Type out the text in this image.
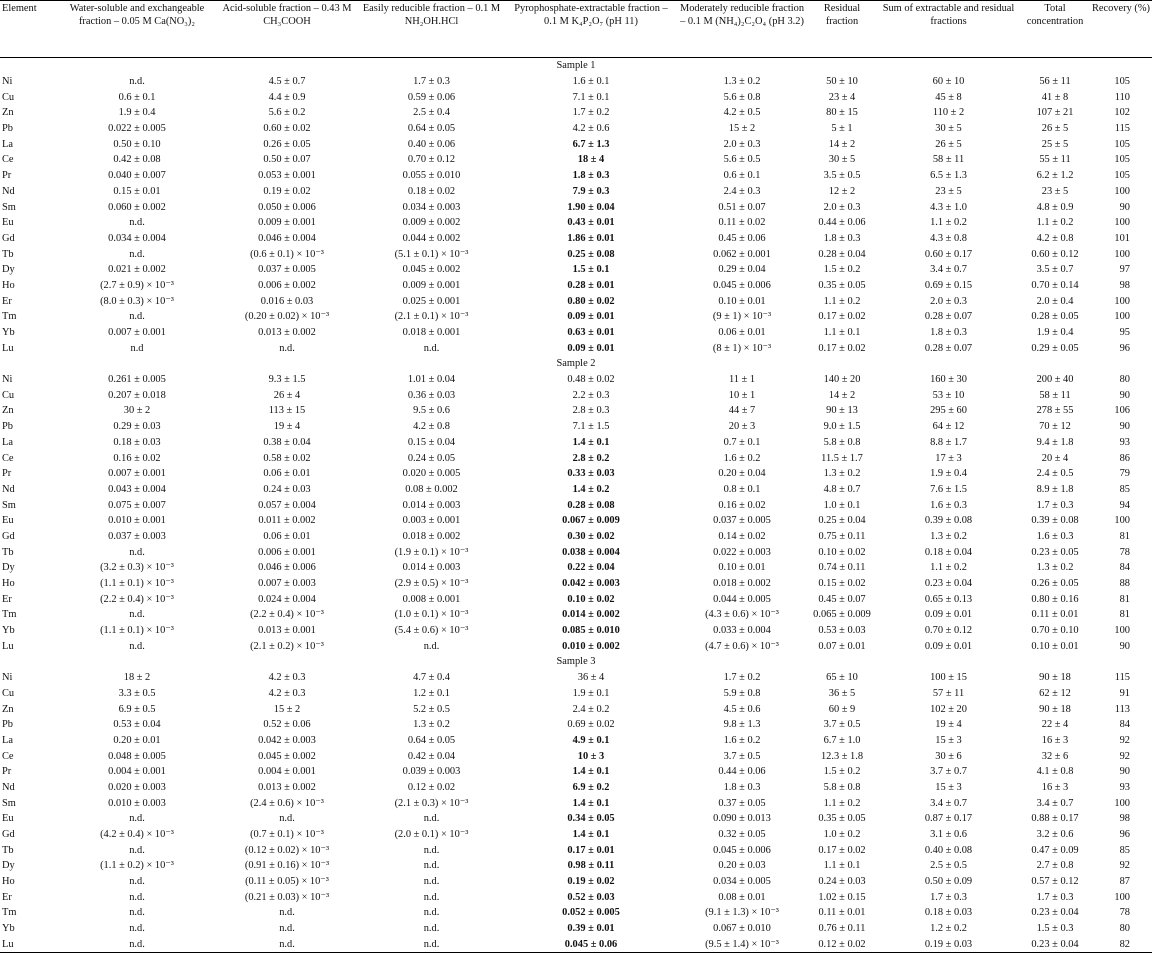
Element	Water-soluble and exchangeable fraction – 0.05 M Ca(NO₃)₂	Acid-soluble fraction – 0.43 M CH₃COOH	Easily reducible fraction – 0.1 M NH₂OH.HCl	Pyrophosphate-extractable fraction – 0.1 M K₄P₂O₇ (pH 11)	Moderately reducible fraction – 0.1 M (NH₄)₂C₂O₄ (pH 3.2)	Residual fraction	Sum of extractable and residual fractions	Total concentration	Recovery (%)
Sample 1									
Ni	n.d.	4.5 ± 0.7	1.7 ± 0.3	1.6 ± 0.1	1.3 ± 0.2	50 ± 10	60 ± 10	56 ± 11	105
Cu	0.6 ± 0.1	4.4 ± 0.9	0.59 ± 0.06	7.1 ± 0.1	5.6 ± 0.8	23 ± 4	45 ± 8	41 ± 8	110
Zn	1.9 ± 0.4	5.6 ± 0.2	2.5 ± 0.4	1.7 ± 0.2	4.2 ± 0.5	80 ± 15	110 ± 2	107 ± 21	102
Pb	0.022 ± 0.005	0.60 ± 0.02	0.64 ± 0.05	4.2 ± 0.6	15 ± 2	5 ± 1	30 ± 5	26 ± 5	115
La	0.50 ± 0.10	0.26 ± 0.05	0.40 ± 0.06	6.7 ± 1.3	2.0 ± 0.3	14 ± 2	26 ± 5	25 ± 5	105
Ce	0.42 ± 0.08	0.50 ± 0.07	0.70 ± 0.12	18 ± 4	5.6 ± 0.5	30 ± 5	58 ± 11	55 ± 11	105
Pr	0.040 ± 0.007	0.053 ± 0.001	0.055 ± 0.010	1.8 ± 0.3	0.6 ± 0.1	3.5 ± 0.5	6.5 ± 1.3	6.2 ± 1.2	105
Nd	0.15 ± 0.01	0.19 ± 0.02	0.18 ± 0.02	7.9 ± 0.3	2.4 ± 0.3	12 ± 2	23 ± 5	23 ± 5	100
Sm	0.060 ± 0.002	0.050 ± 0.006	0.034 ± 0.003	1.90 ± 0.04	0.51 ± 0.07	2.0 ± 0.3	4.3 ± 1.0	4.8 ± 0.9	90
Eu	n.d.	0.009 ± 0.001	0.009 ± 0.002	0.43 ± 0.01	0.11 ± 0.02	0.44 ± 0.06	1.1 ± 0.2	1.1 ± 0.2	100
Gd	0.034 ± 0.004	0.046 ± 0.004	0.044 ± 0.002	1.86 ± 0.01	0.45 ± 0.06	1.8 ± 0.3	4.3 ± 0.8	4.2 ± 0.8	101
Tb	n.d.	(0.6 ± 0.1) × 10⁻³	(5.1 ± 0.1) × 10⁻³	0.25 ± 0.08	0.062 ± 0.001	0.28 ± 0.04	0.60 ± 0.17	0.60 ± 0.12	100
Dy	0.021 ± 0.002	0.037 ± 0.005	0.045 ± 0.002	1.5 ± 0.1	0.29 ± 0.04	1.5 ± 0.2	3.4 ± 0.7	3.5 ± 0.7	97
Ho	(2.7 ± 0.9) × 10⁻³	0.006 ± 0.002	0.009 ± 0.001	0.28 ± 0.01	0.045 ± 0.006	0.35 ± 0.05	0.69 ± 0.15	0.70 ± 0.14	98
Er	(8.0 ± 0.3) × 10⁻³	0.016 ± 0.03	0.025 ± 0.001	0.80 ± 0.02	0.10 ± 0.01	1.1 ± 0.2	2.0 ± 0.3	2.0 ± 0.4	100
Tm	n.d.	(0.20 ± 0.02) × 10⁻³	(2.1 ± 0.1) × 10⁻³	0.09 ± 0.01	(9 ± 1) × 10⁻³	0.17 ± 0.02	0.28 ± 0.07	0.28 ± 0.05	100
Yb	0.007 ± 0.001	0.013 ± 0.002	0.018 ± 0.001	0.63 ± 0.01	0.06 ± 0.01	1.1 ± 0.1	1.8 ± 0.3	1.9 ± 0.4	95
Lu	n.d	n.d.	n.d.	0.09 ± 0.01	(8 ± 1) × 10⁻³	0.17 ± 0.02	0.28 ± 0.07	0.29 ± 0.05	96
Sample 2									
Ni	0.261 ± 0.005	9.3 ± 1.5	1.01 ± 0.04	0.48 ± 0.02	11 ± 1	140 ± 20	160 ± 30	200 ± 40	80
Cu	0.207 ± 0.018	26 ± 4	0.36 ± 0.03	2.2 ± 0.3	10 ± 1	14 ± 2	53 ± 10	58 ± 11	90
Zn	30 ± 2	113 ± 15	9.5 ± 0.6	2.8 ± 0.3	44 ± 7	90 ± 13	295 ± 60	278 ± 55	106
Pb	0.29 ± 0.03	19 ± 4	4.2 ± 0.8	7.1 ± 1.5	20 ± 3	9.0 ± 1.5	64 ± 12	70 ± 12	90
La	0.18 ± 0.03	0.38 ± 0.04	0.15 ± 0.04	1.4 ± 0.1	0.7 ± 0.1	5.8 ± 0.8	8.8 ± 1.7	9.4 ± 1.8	93
Ce	0.16 ± 0.02	0.58 ± 0.02	0.24 ± 0.05	2.8 ± 0.2	1.6 ± 0.2	11.5 ± 1.7	17 ± 3	20 ± 4	86
Pr	0.007 ± 0.001	0.06 ± 0.01	0.020 ± 0.005	0.33 ± 0.03	0.20 ± 0.04	1.3 ± 0.2	1.9 ± 0.4	2.4 ± 0.5	79
Nd	0.043 ± 0.004	0.24 ± 0.03	0.08 ± 0.002	1.4 ± 0.2	0.8 ± 0.1	4.8 ± 0.7	7.6 ± 1.5	8.9 ± 1.8	85
Sm	0.075 ± 0.007	0.057 ± 0.004	0.014 ± 0.003	0.28 ± 0.08	0.16 ± 0.02	1.0 ± 0.1	1.6 ± 0.3	1.7 ± 0.3	94
Eu	0.010 ± 0.001	0.011 ± 0.002	0.003 ± 0.001	0.067 ± 0.009	0.037 ± 0.005	0.25 ± 0.04	0.39 ± 0.08	0.39 ± 0.08	100
Gd	0.037 ± 0.003	0.06 ± 0.01	0.018 ± 0.002	0.30 ± 0.02	0.14 ± 0.02	0.75 ± 0.11	1.3 ± 0.2	1.6 ± 0.3	81
Tb	n.d.	0.006 ± 0.001	(1.9 ± 0.1) × 10⁻³	0.038 ± 0.004	0.022 ± 0.003	0.10 ± 0.02	0.18 ± 0.04	0.23 ± 0.05	78
Dy	(3.2 ± 0.3) × 10⁻³	0.046 ± 0.006	0.014 ± 0.003	0.22 ± 0.04	0.10 ± 0.01	0.74 ± 0.11	1.1 ± 0.2	1.3 ± 0.2	84
Ho	(1.1 ± 0.1) × 10⁻³	0.007 ± 0.003	(2.9 ± 0.5) × 10⁻³	0.042 ± 0.003	0.018 ± 0.002	0.15 ± 0.02	0.23 ± 0.04	0.26 ± 0.05	88
Er	(2.2 ± 0.4) × 10⁻³	0.024 ± 0.004	0.008 ± 0.001	0.10 ± 0.02	0.044 ± 0.005	0.45 ± 0.07	0.65 ± 0.13	0.80 ± 0.16	81
Tm	n.d.	(2.2 ± 0.4) × 10⁻³	(1.0 ± 0.1) × 10⁻³	0.014 ± 0.002	(4.3 ± 0.6) × 10⁻³	0.065 ± 0.009	0.09 ± 0.01	0.11 ± 0.01	81
Yb	(1.1 ± 0.1) × 10⁻³	0.013 ± 0.001	(5.4 ± 0.6) × 10⁻³	0.085 ± 0.010	0.033 ± 0.004	0.53 ± 0.03	0.70 ± 0.12	0.70 ± 0.10	100
Lu	n.d.	(2.1 ± 0.2) × 10⁻³	n.d.	0.010 ± 0.002	(4.7 ± 0.6) × 10⁻³	0.07 ± 0.01	0.09 ± 0.01	0.10 ± 0.01	90
Sample 3									
Ni	18 ± 2	4.2 ± 0.3	4.7 ± 0.4	36 ± 4	1.7 ± 0.2	65 ± 10	100 ± 15	90 ± 18	115
Cu	3.3 ± 0.5	4.2 ± 0.3	1.2 ± 0.1	1.9 ± 0.1	5.9 ± 0.8	36 ± 5	57 ± 11	62 ± 12	91
Zn	6.9 ± 0.5	15 ± 2	5.2 ± 0.5	2.4 ± 0.2	4.5 ± 0.6	60 ± 9	102 ± 20	90 ± 18	113
Pb	0.53 ± 0.04	0.52 ± 0.06	1.3 ± 0.2	0.69 ± 0.02	9.8 ± 1.3	3.7 ± 0.5	19 ± 4	22 ± 4	84
La	0.20 ± 0.01	0.042 ± 0.003	0.64 ± 0.05	4.9 ± 0.1	1.6 ± 0.2	6.7 ± 1.0	15 ± 3	16 ± 3	92
Ce	0.048 ± 0.005	0.045 ± 0.002	0.42 ± 0.04	10 ± 3	3.7 ± 0.5	12.3 ± 1.8	30 ± 6	32 ± 6	92
Pr	0.004 ± 0.001	0.004 ± 0.001	0.039 ± 0.003	1.4 ± 0.1	0.44 ± 0.06	1.5 ± 0.2	3.7 ± 0.7	4.1 ± 0.8	90
Nd	0.020 ± 0.003	0.013 ± 0.002	0.12 ± 0.02	6.9 ± 0.2	1.8 ± 0.3	5.8 ± 0.8	15 ± 3	16 ± 3	93
Sm	0.010 ± 0.003	(2.4 ± 0.6) × 10⁻³	(2.1 ± 0.3) × 10⁻³	1.4 ± 0.1	0.37 ± 0.05	1.1 ± 0.2	3.4 ± 0.7	3.4 ± 0.7	100
Eu	n.d.	n.d.	n.d.	0.34 ± 0.05	0.090 ± 0.013	0.35 ± 0.05	0.87 ± 0.17	0.88 ± 0.17	98
Gd	(4.2 ± 0.4) × 10⁻³	(0.7 ± 0.1) × 10⁻³	(2.0 ± 0.1) × 10⁻³	1.4 ± 0.1	0.32 ± 0.05	1.0 ± 0.2	3.1 ± 0.6	3.2 ± 0.6	96
Tb	n.d.	(0.12 ± 0.02) × 10⁻³	n.d.	0.17 ± 0.01	0.045 ± 0.006	0.17 ± 0.02	0.40 ± 0.08	0.47 ± 0.09	85
Dy	(1.1 ± 0.2) × 10⁻³	(0.91 ± 0.16) × 10⁻³	n.d.	0.98 ± 0.11	0.20 ± 0.03	1.1 ± 0.1	2.5 ± 0.5	2.7 ± 0.8	92
Ho	n.d.	(0.11 ± 0.05) × 10⁻³	n.d.	0.19 ± 0.02	0.034 ± 0.005	0.24 ± 0.03	0.50 ± 0.09	0.57 ± 0.12	87
Er	n.d.	(0.21 ± 0.03) × 10⁻³	n.d.	0.52 ± 0.03	0.08 ± 0.01	1.02 ± 0.15	1.7 ± 0.3	1.7 ± 0.3	100
Tm	n.d.	n.d.	n.d.	0.052 ± 0.005	(9.1 ± 1.3) × 10⁻³	0.11 ± 0.01	0.18 ± 0.03	0.23 ± 0.04	78
Yb	n.d.	n.d.	n.d.	0.39 ± 0.01	0.067 ± 0.010	0.76 ± 0.11	1.2 ± 0.2	1.5 ± 0.3	80
Lu	n.d.	n.d.	n.d.	0.045 ± 0.06	(9.5 ± 1.4) × 10⁻³	0.12 ± 0.02	0.19 ± 0.03	0.23 ± 0.04	82
